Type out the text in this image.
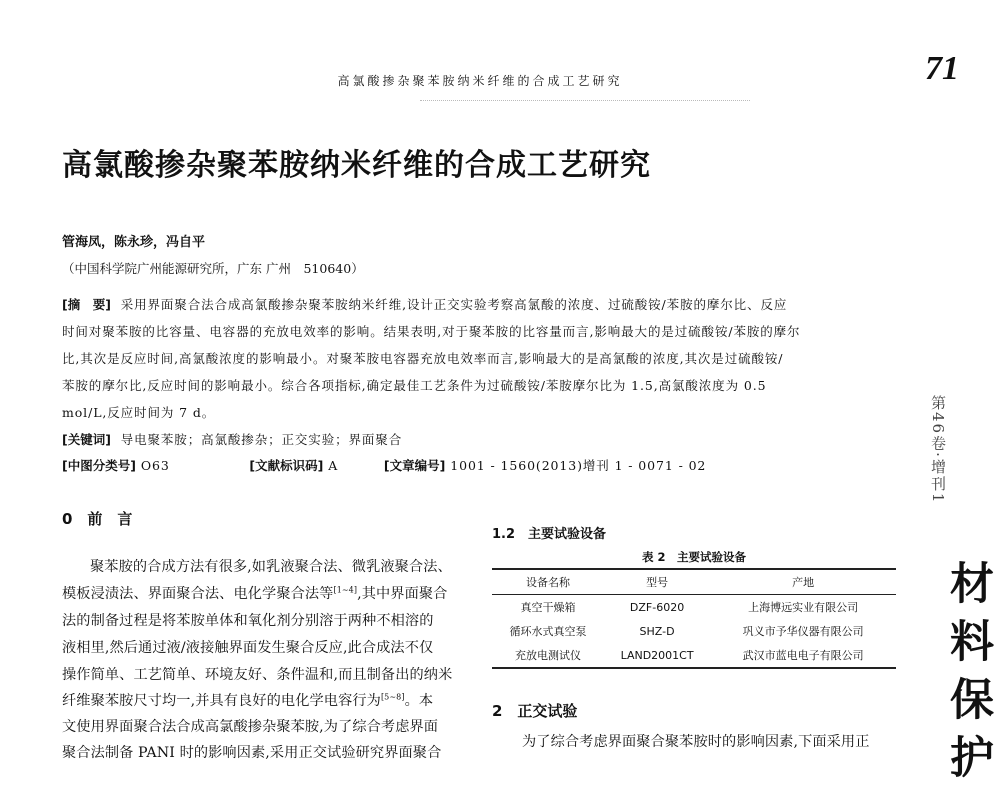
高氯酸掺杂聚苯胺纳米纤维的合成工艺研究	71
高氯酸掺杂聚苯胺纳米纤维的合成工艺研究
管海凤，陈永珍，冯自平
（中国科学院广州能源研究所，广东 广州　510640）
[摘　要] 采用界面聚合法合成高氯酸掺杂聚苯胺纳米纤维,设计正交实验考察高氯酸的浓度、过硫酸铵/苯胺的摩尔比、反应
时间对聚苯胺的比容量、电容器的充放电效率的影响。结果表明,对于聚苯胺的比容量而言,影响最大的是过硫酸铵/苯胺的摩尔
比,其次是反应时间,高氯酸浓度的影响最小。对聚苯胺电容器充放电效率而言,影响最大的是高氯酸的浓度,其次是过硫酸铵/
苯胺的摩尔比,反应时间的影响最小。综合各项指标,确定最佳工艺条件为过硫酸铵/苯胺摩尔比为 1.5,高氯酸浓度为 0.5
mol/L,反应时间为 7 d。
[关键词] 导电聚苯胺；高氯酸掺杂；正交实验；界面聚合
[中图分类号] O63	[文献标识码] A	[文章编号] 1001 - 1560(2013)增刊 1 - 0071 - 02
0　前　言
聚苯胺的合成方法有很多,如乳液聚合法、微乳液聚合法、
模板浸渍法、界面聚合法、电化学聚合法等[1~4],其中界面聚合
法的制备过程是将苯胺单体和氧化剂分别溶于两种不相溶的
液相里,然后通过液/液接触界面发生聚合反应,此合成法不仅
操作简单、工艺简单、环境友好、条件温和,而且制备出的纳米
纤维聚苯胺尺寸均一,并具有良好的电化学电容行为[5~8]。本
文使用界面聚合法合成高氯酸掺杂聚苯胺,为了综合考虑界面
聚合法制备 PANI 时的影响因素,采用正交试验研究界面聚合
1.2　主要试验设备
表 2　主要试验设备
设备名称	型号	产地
真空干燥箱	DZF-6020	上海博远实业有限公司
循环水式真空泵	SHZ-D	巩义市予华仪器有限公司
充放电测试仪	LAND2001CT	武汉市蓝电电子有限公司
2　正交试验
为了综合考虑界面聚合聚苯胺时的影响因素,下面采用正
第46卷·增刊1
材料保护
